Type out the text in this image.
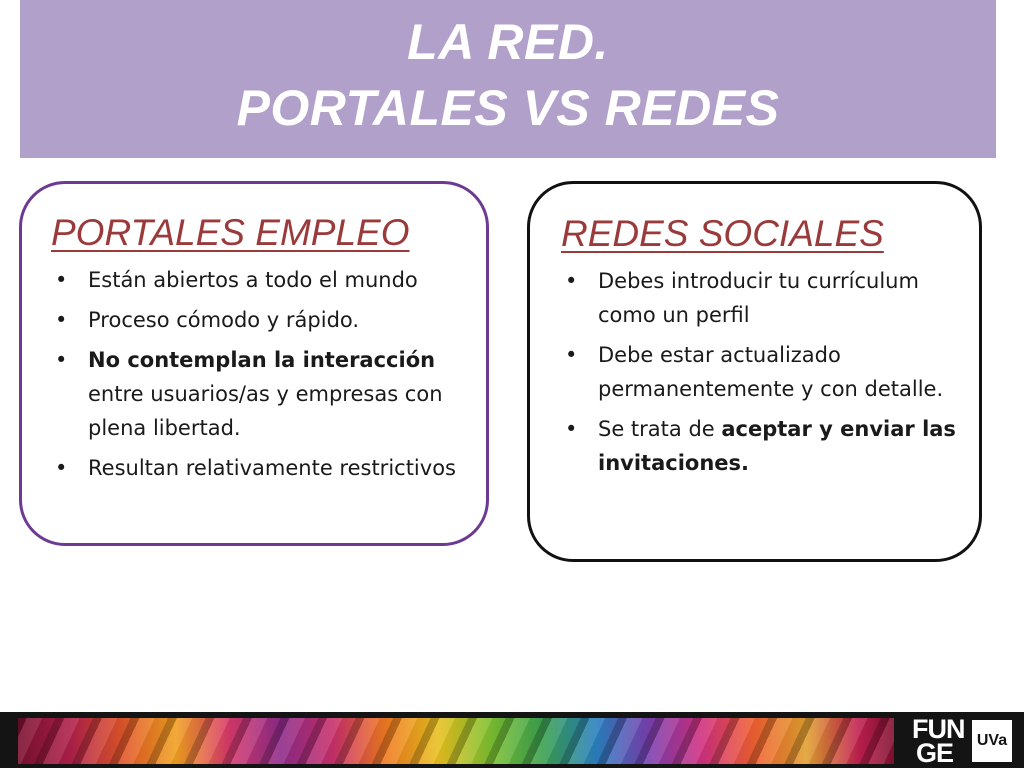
LA RED.
PORTALES VS REDES
PORTALES EMPLEO
• Están abiertos a todo el mundo
• Proceso cómodo y rápido.
• No contemplan la interacción entre usuarios/as y empresas con plena libertad.
• Resultan relativamente restrictivos
REDES SOCIALES
• Debes introducir tu currículum como un perfil
• Debe estar actualizado permanentemente y con detalle.
• Se trata de aceptar y enviar las invitaciones.
FUN
GE	UVa
